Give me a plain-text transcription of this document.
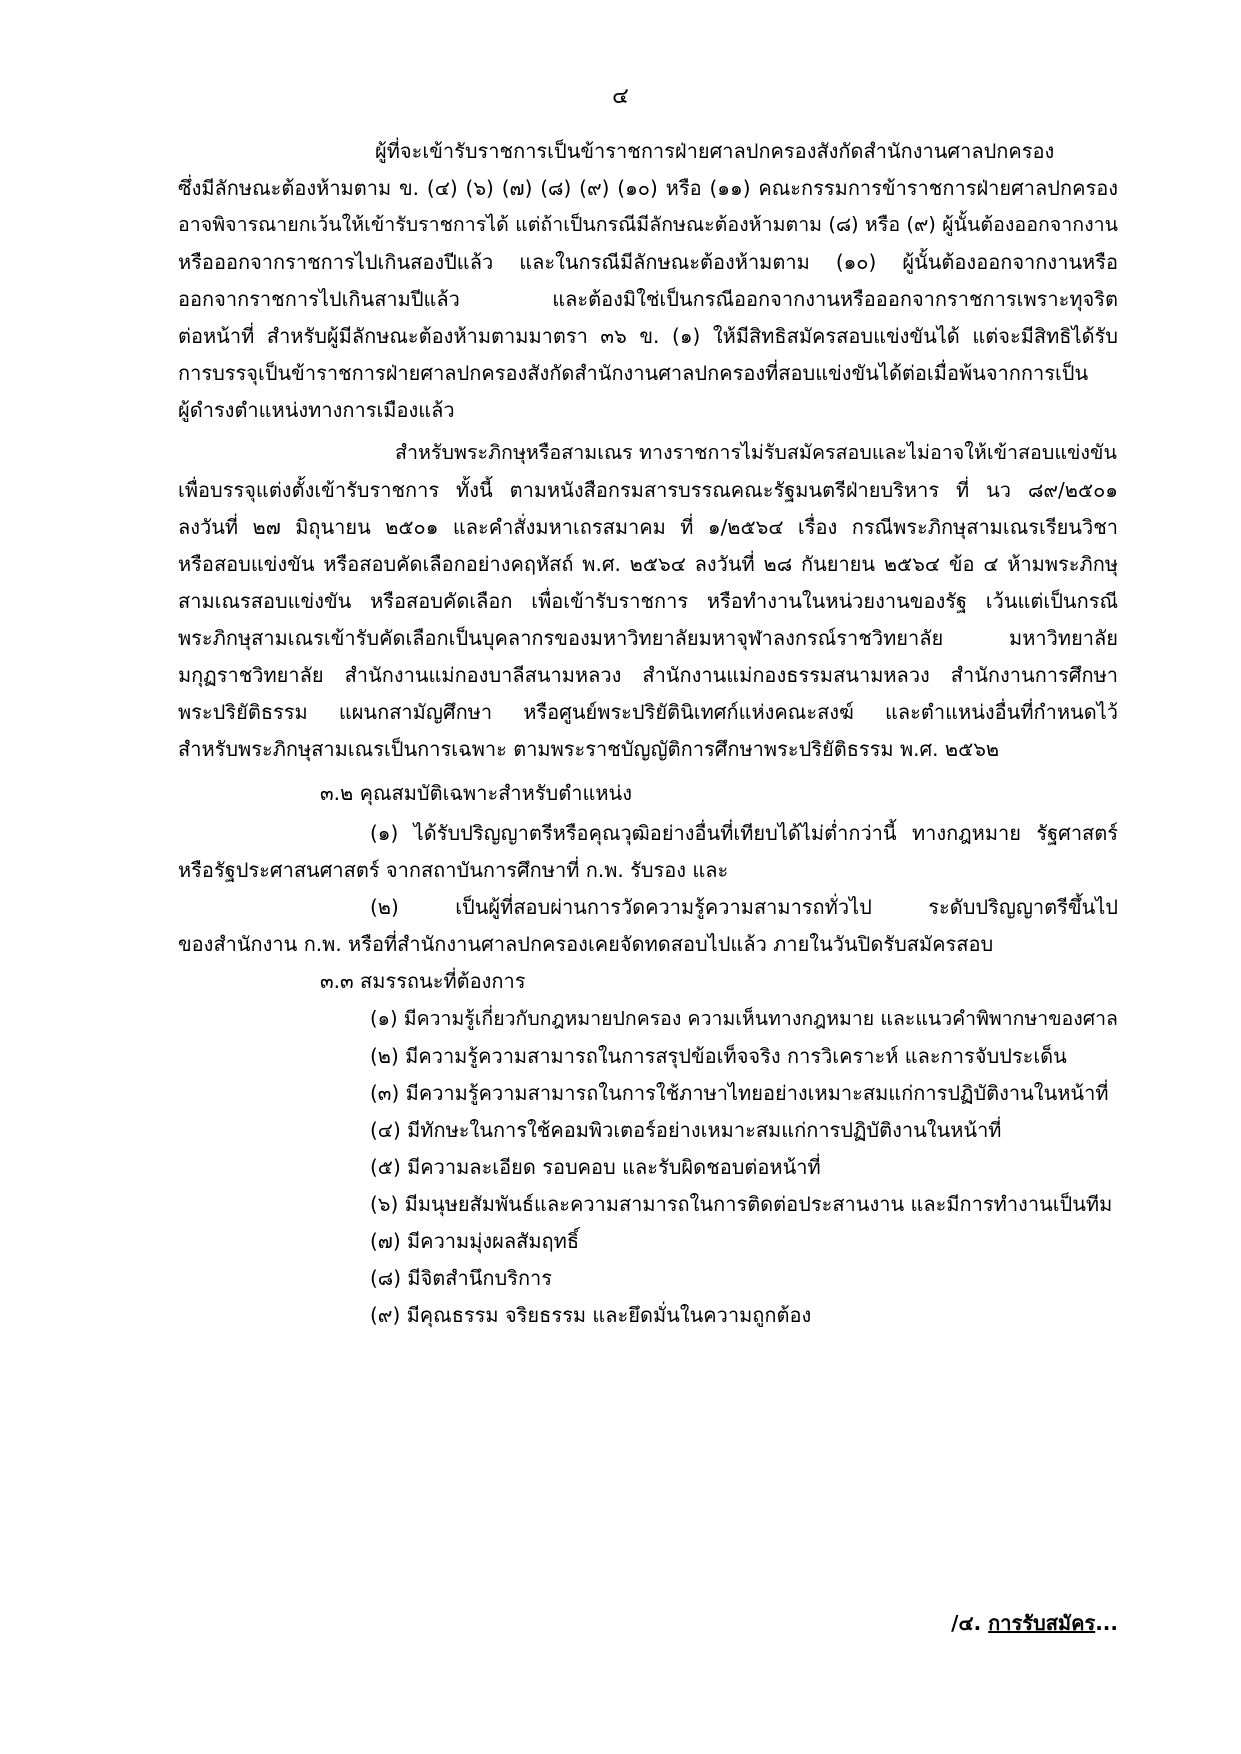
๔
ผู้ที่จะเข้ารับราชการเป็นข้าราชการฝ่ายศาลปกครองสังกัดสำนักงานศาลปกครอง
ซึ่งมีลักษณะต้องห้ามตาม ข. (๔) (๖) (๗) (๘) (๙) (๑๐) หรือ (๑๑) คณะกรรมการข้าราชการฝ่ายศาลปกครอง
อาจพิจารณายกเว้นให้เข้ารับราชการได้ แต่ถ้าเป็นกรณีมีลักษณะต้องห้ามตาม (๘) หรือ (๙) ผู้นั้นต้องออกจากงาน
หรือออกจากราชการไปเกินสองปีแล้ว และในกรณีมีลักษณะต้องห้ามตาม (๑๐) ผู้นั้นต้องออกจากงานหรือ
ออกจากราชการไปเกินสามปีแล้ว และต้องมิใช่เป็นกรณีออกจากงานหรือออกจากราชการเพราะทุจริต
ต่อหน้าที่ สำหรับผู้มีลักษณะต้องห้ามตามมาตรา ๓๖ ข. (๑) ให้มีสิทธิสมัครสอบแข่งขันได้ แต่จะมีสิทธิได้รับ
การบรรจุเป็นข้าราชการฝ่ายศาลปกครองสังกัดสำนักงานศาลปกครองที่สอบแข่งขันได้ต่อเมื่อพ้นจากการเป็น
ผู้ดำรงตำแหน่งทางการเมืองแล้ว
สำหรับพระภิกษุหรือสามเณร ทางราชการไม่รับสมัครสอบและไม่อาจให้เข้าสอบแข่งขัน
เพื่อบรรจุแต่งตั้งเข้ารับราชการ ทั้งนี้ ตามหนังสือกรมสารบรรณคณะรัฐมนตรีฝ่ายบริหาร ที่ นว ๘๙/๒๕๐๑
ลงวันที่ ๒๗ มิถุนายน ๒๕๐๑ และคำสั่งมหาเถรสมาคม ที่ ๑/๒๕๖๔ เรื่อง กรณีพระภิกษุสามเณรเรียนวิชา
หรือสอบแข่งขัน หรือสอบคัดเลือกอย่างคฤหัสถ์ พ.ศ. ๒๕๖๔ ลงวันที่ ๒๘ กันยายน ๒๕๖๔ ข้อ ๔ ห้ามพระภิกษุ
สามเณรสอบแข่งขัน หรือสอบคัดเลือก เพื่อเข้ารับราชการ หรือทำงานในหน่วยงานของรัฐ เว้นแต่เป็นกรณี
พระภิกษุสามเณรเข้ารับคัดเลือกเป็นบุคลากรของมหาวิทยาลัยมหาจุฬาลงกรณ์ราชวิทยาลัย มหาวิทยาลัย
มกุฏราชวิทยาลัย สำนักงานแม่กองบาลีสนามหลวง สำนักงานแม่กองธรรมสนามหลวง สำนักงานการศึกษา
พระปริยัติธรรม แผนกสามัญศึกษา หรือศูนย์พระปริยัตินิเทศก์แห่งคณะสงฆ์ และตำแหน่งอื่นที่กำหนดไว้
สำหรับพระภิกษุสามเณรเป็นการเฉพาะ ตามพระราชบัญญัติการศึกษาพระปริยัติธรรม พ.ศ. ๒๕๖๒
๓.๒ คุณสมบัติเฉพาะสำหรับตำแหน่ง
(๑) ได้รับปริญญาตรีหรือคุณวุฒิอย่างอื่นที่เทียบได้ไม่ต่ำกว่านี้ ทางกฎหมาย รัฐศาสตร์
หรือรัฐประศาสนศาสตร์ จากสถาบันการศึกษาที่ ก.พ. รับรอง และ
(๒) เป็นผู้ที่สอบผ่านการวัดความรู้ความสามารถทั่วไป ระดับปริญญาตรีขึ้นไป
ของสำนักงาน ก.พ. หรือที่สำนักงานศาลปกครองเคยจัดทดสอบไปแล้ว ภายในวันปิดรับสมัครสอบ
๓.๓ สมรรถนะที่ต้องการ
(๑) มีความรู้เกี่ยวกับกฎหมายปกครอง ความเห็นทางกฎหมาย และแนวคำพิพากษาของศาล
(๒) มีความรู้ความสามารถในการสรุปข้อเท็จจริง การวิเคราะห์ และการจับประเด็น
(๓) มีความรู้ความสามารถในการใช้ภาษาไทยอย่างเหมาะสมแก่การปฏิบัติงานในหน้าที่
(๔) มีทักษะในการใช้คอมพิวเตอร์อย่างเหมาะสมแก่การปฏิบัติงานในหน้าที่
(๕) มีความละเอียด รอบคอบ และรับผิดชอบต่อหน้าที่
(๖) มีมนุษยสัมพันธ์และความสามารถในการติดต่อประสานงาน และมีการทำงานเป็นทีม
(๗) มีความมุ่งผลสัมฤทธิ์
(๘) มีจิตสำนึกบริการ
(๙) มีคุณธรรม จริยธรรม และยึดมั่นในความถูกต้อง
/๔. การรับสมัคร...
